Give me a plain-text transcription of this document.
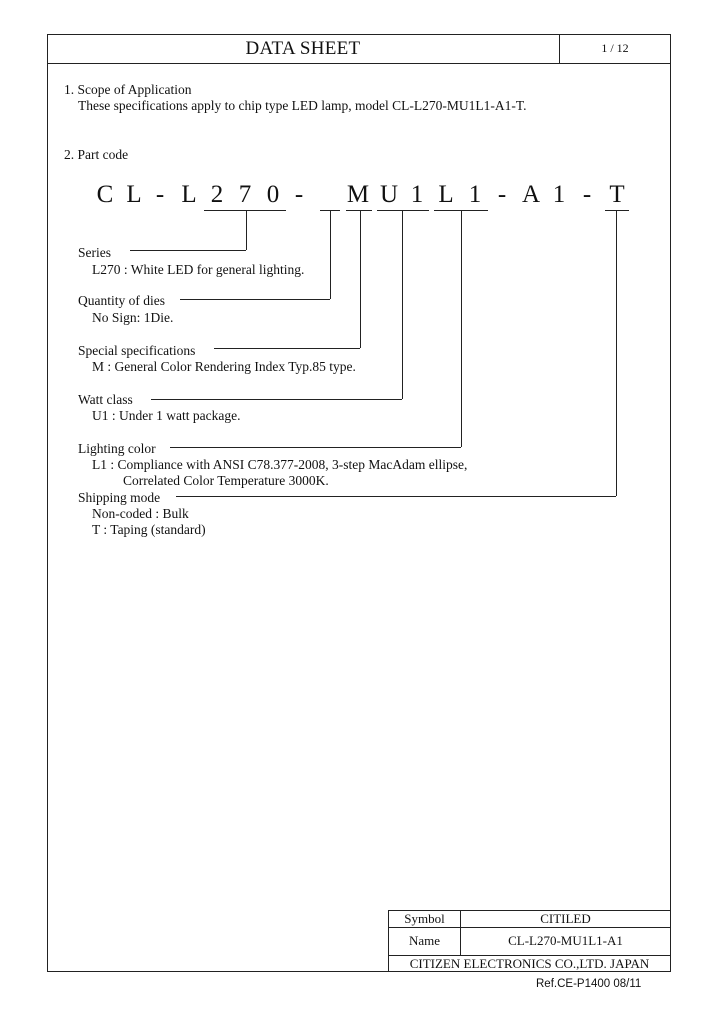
DATA SHEET	1 / 12
1. Scope of Application
These specifications apply to chip type LED lamp, model CL-L270-MU1L1-A1-T.
2. Part code
C L - L 2 7 0 -	M U 1 L 1 - A 1 - T
Series
L270 : White LED for general lighting.
Quantity of dies
No Sign: 1Die.
Special specifications
M : General Color Rendering Index Typ.85 type.
Watt class
U1 : Under 1 watt package.
Lighting color
L1 : Compliance with ANSI C78.377-2008, 3-step MacAdam ellipse,
Correlated Color Temperature 3000K.
Shipping mode
Non-coded : Bulk
T : Taping (standard)
Symbol	CITILED
Name	CL-L270-MU1L1-A1
CITIZEN ELECTRONICS CO.,LTD. JAPAN
Ref.CE-P1400 08/11
